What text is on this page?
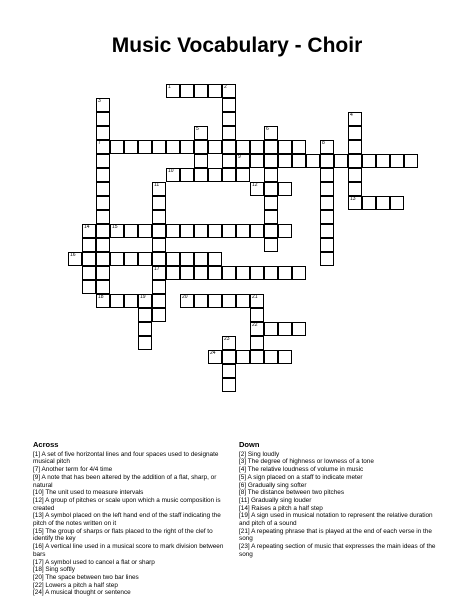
Music Vocabulary - Choir
1	2
3
7
4
5	6
8
9
10
11
17
12
13
14	15
16
18	19	20	21
22
23
24
Across
[1] A set of five horizontal lines and four spaces used to designate musical pitch
[7] Another term for 4/4 time
[9] A note that has been altered by the addition of a flat, sharp, or natural
[10] The unit used to measure intervals
[12] A group of pitches or scale upon which a music composition is created
[13] A symbol placed on the left hand end of the staff indicating the pitch of the notes written on it
[15] The group of sharps or flats placed to the right of the clef to identify the key
[16] A vertical line used in a musical score to mark division between bars
[17] A symbol used to cancel a flat or sharp
[18] Sing softly
[20] The space between two bar lines
[22] Lowers a pitch a half step
[24] A musical thought or sentence
Down
[2] Sing loudly
[3] The degree of highness or lowness of a tone
[4] The relative loudness of volume in music
[5] A sign placed on a staff to indicate meter
[6] Gradually sing softer
[8] The distance between two pitches
[11] Gradually sing louder
[14] Raises a pitch a half step
[19] A sign used in musical notation to represent the relative duration and pitch of a sound
[21] A repeating phrase that is played at the end of each verse in the song
[23] A repeating section of music that expresses the main ideas of the song
